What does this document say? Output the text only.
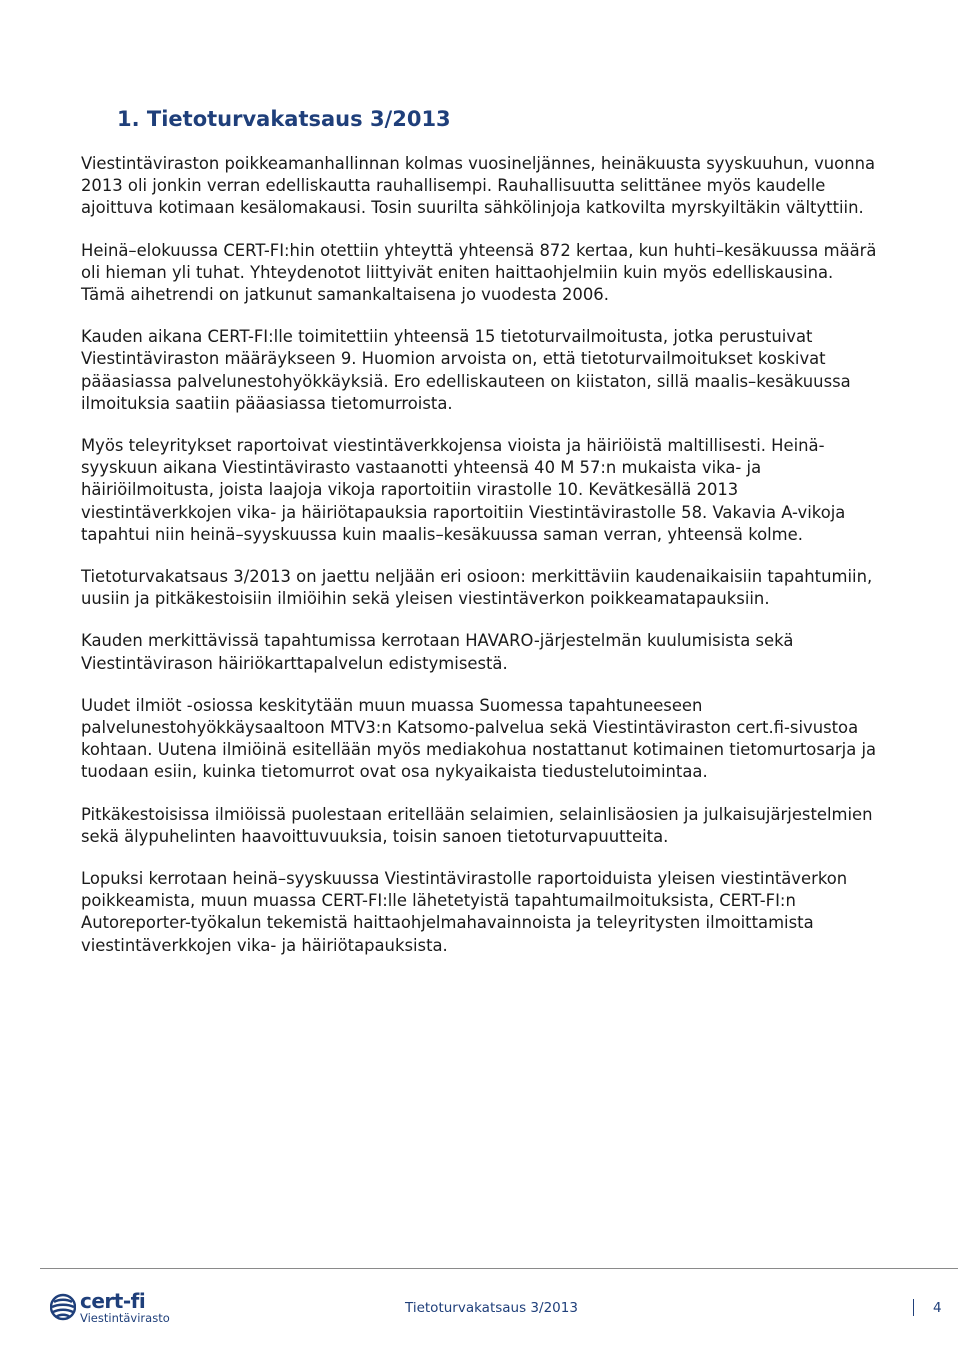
1. Tietoturvakatsaus 3/2013

Viestintäviraston poikkeamanhallinnan kolmas vuosineljännes, heinäkuusta syyskuuhun, vuonna 2013 oli jonkin verran edelliskautta rauhallisempi. Rauhallisuutta selittänee myös kaudelle ajoittuva kotimaan kesälomakausi. Tosin suurilta sähkölinjoja katkovilta myrskyiltäkin vältyttiin.

Heinä–elokuussa CERT-FI:hin otettiin yhteyttä yhteensä 872 kertaa, kun huhti–kesäkuussa määrä oli hieman yli tuhat. Yhteydenotot liittyivät eniten haittaohjelmiin kuin myös edelliskausina. Tämä aihetrendi on jatkunut samankaltaisena jo vuodesta 2006.

Kauden aikana CERT-FI:lle toimitettiin yhteensä 15 tietoturvailmoitusta, jotka perustuivat Viestintäviraston määräykseen 9. Huomion arvoista on, että tietoturvailmoitukset koskivat pääasiassa palvelunestohyökkäyksiä. Ero edelliskauteen on kiistaton, sillä maalis–kesäkuussa ilmoituksia saatiin pääasiassa tietomurroista.

Myös teleyritykset raportoivat viestintäverkkojensa vioista ja häiriöistä maltillisesti. Heinä-syyskuun aikana Viestintävirasto vastaanotti yhteensä 40 M 57:n mukaista vika- ja häiriöilmoitusta, joista laajoja vikoja raportoitiin virastolle 10. Kevätkesällä 2013 viestintäverkkojen vika- ja häiriötapauksia raportoitiin Viestintävirastolle 58. Vakavia A-vikoja tapahtui niin heinä–syyskuussa kuin maalis–kesäkuussa saman verran, yhteensä kolme.

Tietoturvakatsaus 3/2013 on jaettu neljään eri osioon: merkittäviin kaudenaikaisiin tapahtumiin, uusiin ja pitkäkestoisiin ilmiöihin sekä yleisen viestintäverkon poikkeamatapauksiin.

Kauden merkittävissä tapahtumissa kerrotaan HAVARO-järjestelmän kuulumisista sekä Viestintävirason häiriökarttapalvelun edistymisestä.

Uudet ilmiöt -osiossa keskitytään muun muassa Suomessa tapahtuneeseen palvelunestohyökkäysaaltoon MTV3:n Katsomo-palvelua sekä Viestintäviraston cert.fi-sivustoa kohtaan. Uutena ilmiöinä esitellään myös mediakohua nostattanut kotimainen tietomurtosarja ja tuodaan esiin, kuinka tietomurrot ovat osa nykyaikaista tiedustelutoimintaa.

Pitkäkestoisissa ilmiöissä puolestaan eritellään selaimien, selainlisäosien ja julkaisujärjestelmien sekä älypuhelinten haavoittuvuuksia, toisin sanoen tietoturvapuutteita.

Lopuksi kerrotaan heinä–syyskuussa Viestintävirastolle raportoiduista yleisen viestintäverkon poikkeamista, muun muassa CERT-FI:lle lähetetyistä tapahtumailmoituksista, CERT-FI:n Autoreporter-työkalun tekemistä haittaohjelmahavainnoista ja teleyritysten ilmoittamista viestintäverkkojen vika- ja häiriötapauksista.

cert-fi
Viestintävirasto
Tietoturvakatsaus 3/2013	4
